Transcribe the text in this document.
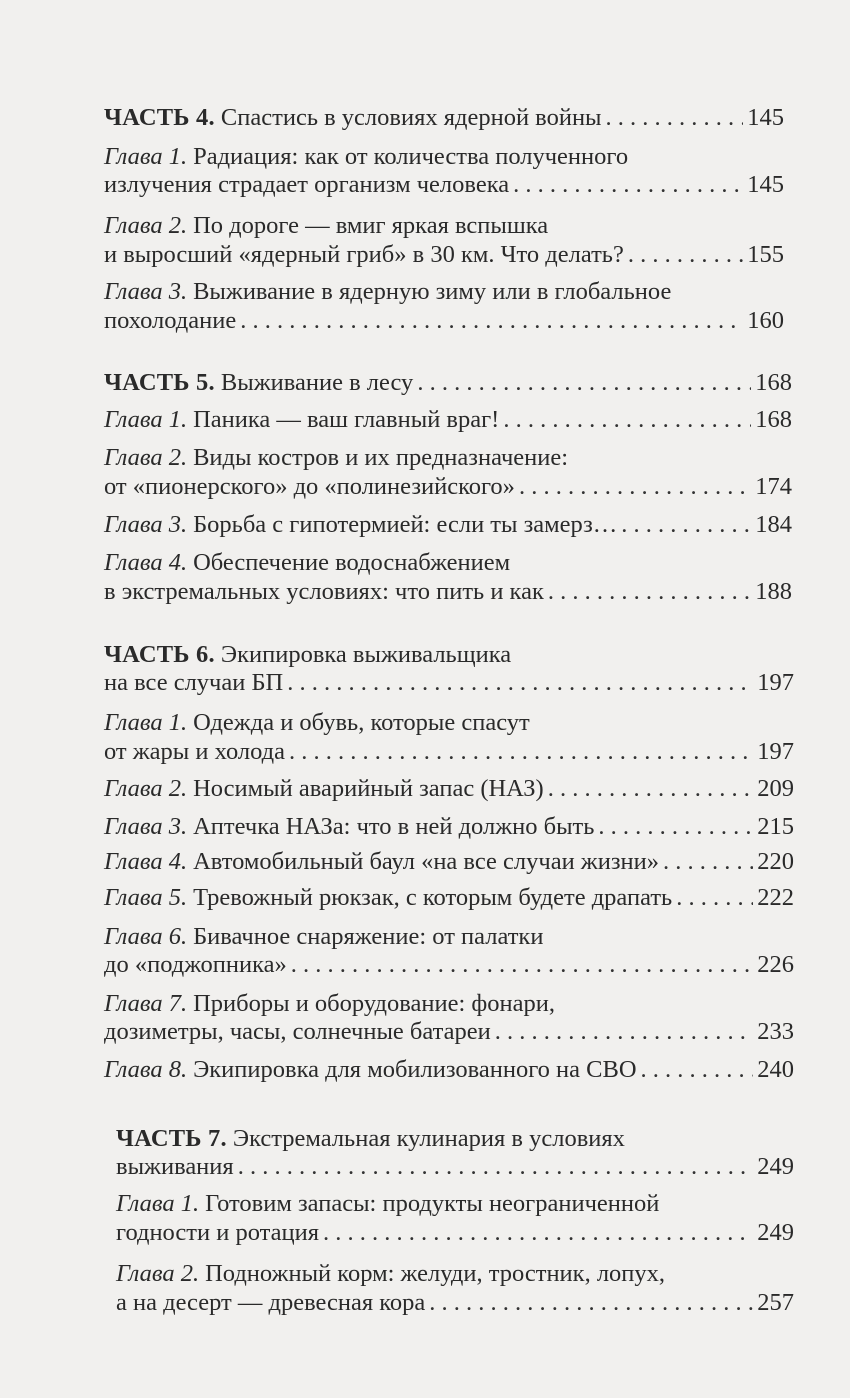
ЧАСТЬ 4. Спастись в условиях ядерной войны . . .	145
Глава 1. Радиация: как от количества полученного
излучения страдает организм человека . . .	145
Глава 2. По дороге — вмиг яркая вспышка
и выросший «ядерный гриб» в 30 км. Что делать? . . .	155
Глава 3. Выживание в ядерную зиму или в глобальное
похолодание . . .	160
ЧАСТЬ 5. Выживание в лесу . . .	168
Глава 1. Паника — ваш главный враг! . . .	168
Глава 2. Виды костров и их предназначение:
от «пионерского» до «полинезийского» . . .	174
Глава 3. Борьба с гипотермией: если ты замерз… . . .	184
Глава 4. Обеспечение водоснабжением
в экстремальных условиях: что пить и как . . .	188
ЧАСТЬ 6. Экипировка выживальщика
на все случаи БП . . .	197
Глава 1. Одежда и обувь, которые спасут
от жары и холода . . .	197
Глава 2. Носимый аварийный запас (НАЗ) . . .	209
Глава 3. Аптечка НАЗа: что в ней должно быть . . .	215
Глава 4. Автомобильный баул «на все случаи жизни» . . .	220
Глава 5. Тревожный рюкзак, с которым будете драпать . . .	222
Глава 6. Бивачное снаряжение: от палатки
до «поджопника» . . .	226
Глава 7. Приборы и оборудование: фонари,
дозиметры, часы, солнечные батареи . . .	233
Глава 8. Экипировка для мобилизованного на СВО . . .	240
ЧАСТЬ 7. Экстремальная кулинария в условиях
выживания . . .	249
Глава 1. Готовим запасы: продукты неограниченной
годности и ротация . . .	249
Глава 2. Подножный корм: желуди, тростник, лопух,
а на десерт — древесная кора . . .	257
